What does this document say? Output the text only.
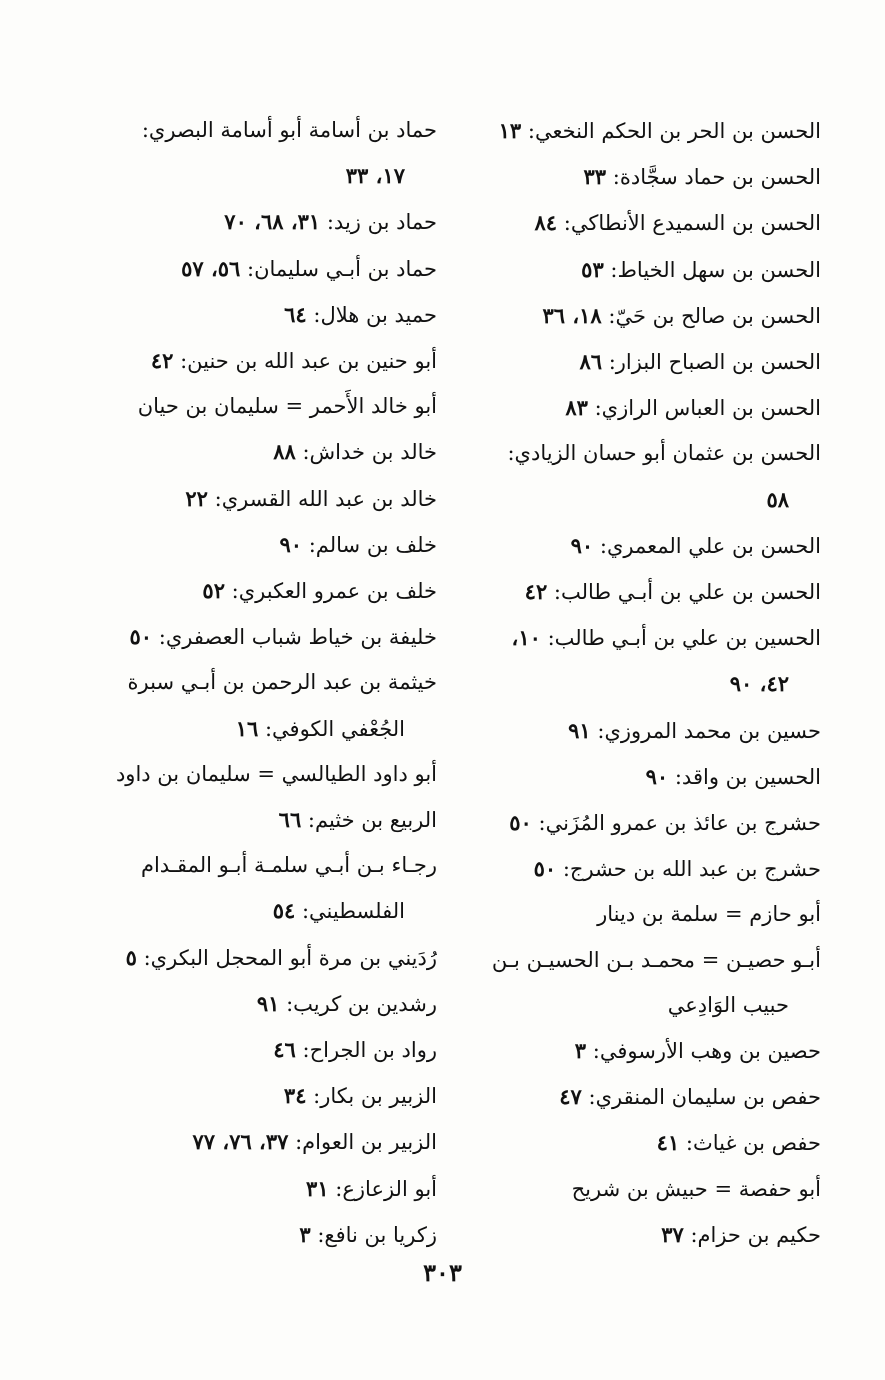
الحسن بن الحر بن الحكم النخعي: ١٣
الحسن بن حماد سجَّادة: ٣٣
الحسن بن السميدع الأنطاكي: ٨٤
الحسن بن سهل الخياط: ٥٣
الحسن بن صالح بن حَيّ: ١٨، ٣٦
الحسن بن الصباح البزار: ٨٦
الحسن بن العباس الرازي: ٨٣
الحسن بن عثمان أبو حسان الزيادي:
٥٨
الحسن بن علي المعمري: ٩٠
الحسن بن علي بن أبـي طالب: ٤٢
الحسين بن علي بن أبـي طالب: ١٠،
٤٢، ٩٠
حسين بن محمد المروزي: ٩١
الحسين بن واقد: ٩٠
حشرج بن عائذ بن عمرو المُزَني: ٥٠
حشرج بن عبد الله بن حشرج: ٥٠
أبو حازم = سلمة بن دينار
أبـو حصيـن = محمـد بـن الحسيـن بـن
حبيب الوَادِعي
حصين بن وهب الأرسوفي: ٣
حفص بن سليمان المنقري: ٤٧
حفص بن غياث: ٤١
أبو حفصة = حبيش بن شريح
حكيم بن حزام: ٣٧
حماد بن أسامة أبو أسامة البصري:
١٧، ٣٣
حماد بن زيد: ٣١، ٦٨، ٧٠
حماد بن أبـي سليمان: ٥٦، ٥٧
حميد بن هلال: ٦٤
أبو حنين بن عبد الله بن حنين: ٤٢
أبو خالد الأَحمر = سليمان بن حيان
خالد بن خداش: ٨٨
خالد بن عبد الله القسري: ٢٢
خلف بن سالم: ٩٠
خلف بن عمرو العكبري: ٥٢
خليفة بن خياط شباب العصفري: ٥٠
خيثمة بن عبد الرحمن بن أبـي سبرة
الجُعْفي الكوفي: ١٦
أبو داود الطيالسي = سليمان بن داود
الربيع بن خثيم: ٦٦
رجـاء بـن أبـي سلمـة أبـو المقـدام
الفلسطيني: ٥٤
رُدَيني بن مرة أبو المحجل البكري: ٥
رشدين بن كريب: ٩١
رواد بن الجراح: ٤٦
الزبير بن بكار: ٣٤
الزبير بن العوام: ٣٧، ٧٦، ٧٧
أبو الزعازع: ٣١
زكريا بن نافع: ٣
٣٠٣
